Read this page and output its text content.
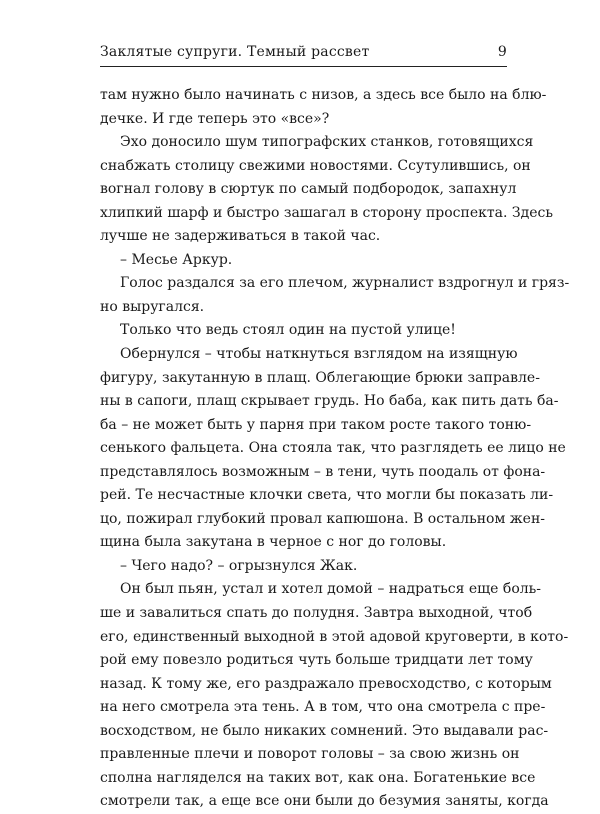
Заклятые супруги. Темный рассвет	9
там нужно было начинать с низов, а здесь все было на блю-
дечке. И где теперь это «все»?
Эхо доносило шум типографских станков, готовящихся
снабжать столицу свежими новостями. Ссутулившись, он
вогнал голову в сюртук по самый подбородок, запахнул
хлипкий шарф и быстро зашагал в сторону проспекта. Здесь
лучше не задерживаться в такой час.
– Месье Аркур.
Голос раздался за его плечом, журналист вздрогнул и гряз-
но выругался.
Только что ведь стоял один на пустой улице!
Обернулся – чтобы наткнуться взглядом на изящную
фигуру, закутанную в плащ. Облегающие брюки заправле-
ны в сапоги, плащ скрывает грудь. Но баба, как пить дать ба-
ба – не может быть у парня при таком росте такого тоню-
сенького фальцета. Она стояла так, что разглядеть ее лицо не
представлялось возможным – в тени, чуть поодаль от фона-
рей. Те несчастные клочки света, что могли бы показать ли-
цо, пожирал глубокий провал капюшона. В остальном жен-
щина была закутана в черное с ног до головы.
– Чего надо? – огрызнулся Жак.
Он был пьян, устал и хотел домой – надраться еще боль-
ше и завалиться спать до полудня. Завтра выходной, чтоб
его, единственный выходной в этой адовой круговерти, в кото-
рой ему повезло родиться чуть больше тридцати лет тому
назад. К тому же, его раздражало превосходство, с которым
на него смотрела эта тень. А в том, что она смотрела с пре-
восходством, не было никаких сомнений. Это выдавали рас-
правленные плечи и поворот головы – за свою жизнь он
сполна нагляделся на таких вот, как она. Богатенькие все
смотрели так, а еще все они были до безумия заняты, когда
